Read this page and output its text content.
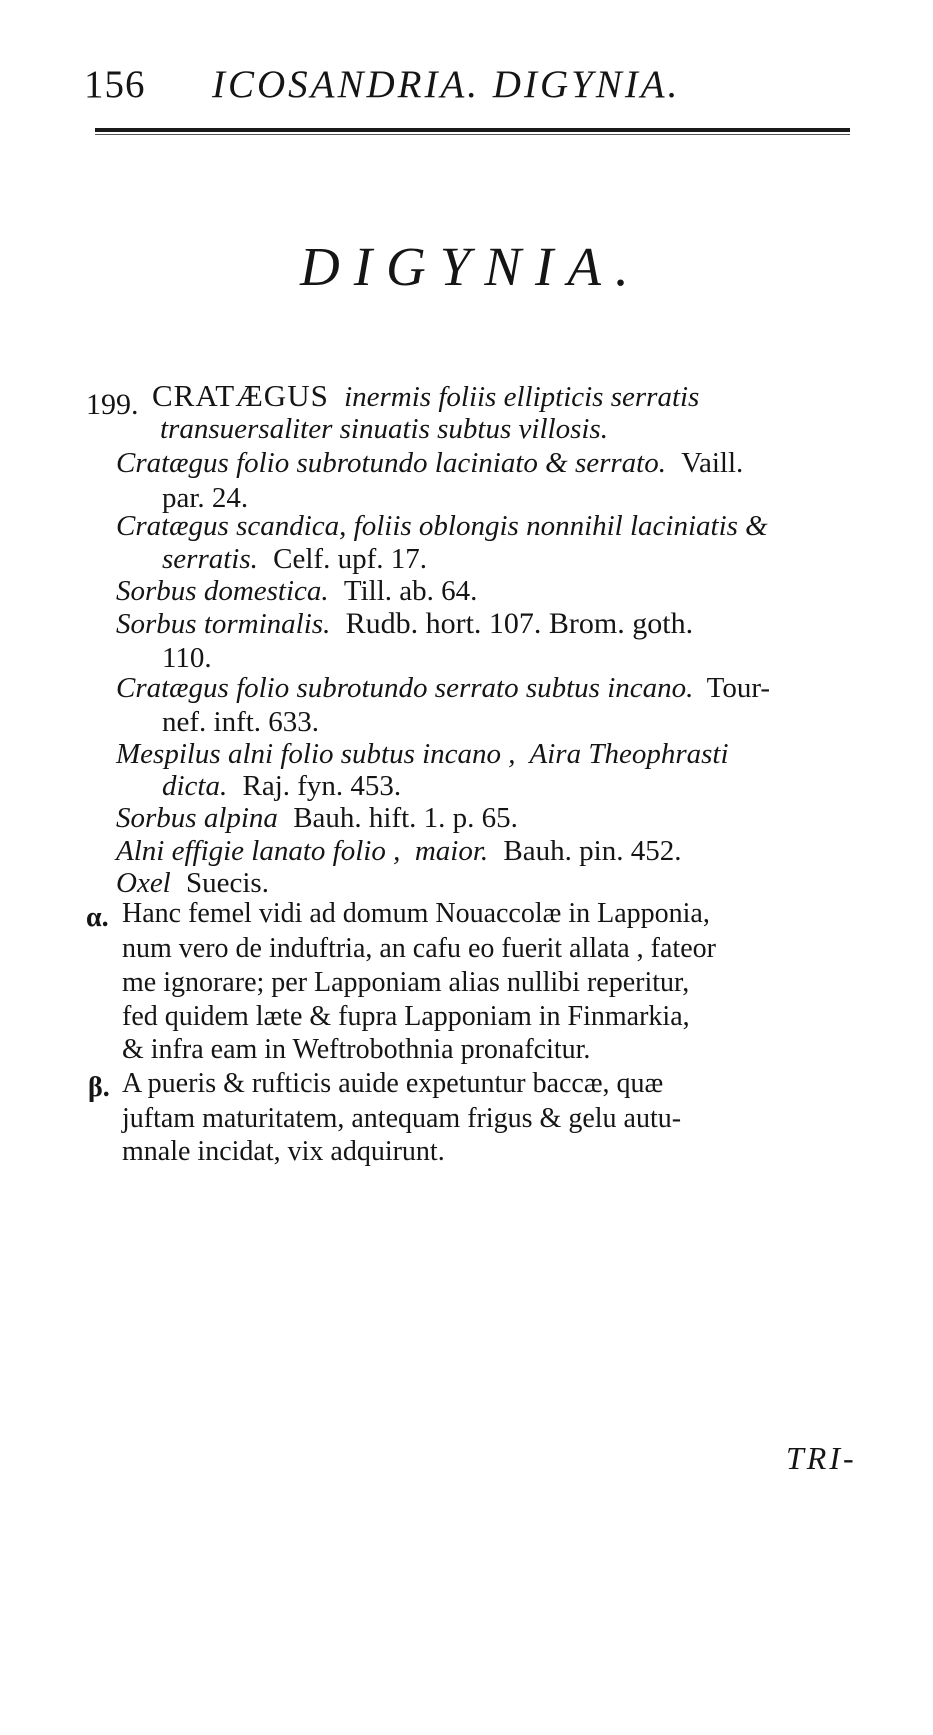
156 ICOSANDRIA. DIGYNIA.
DIGYNIA.
199. CRATÆGUS inermis foliis ellipticis serratis
transuersaliter sinuatis subtus villosis.
Cratægus folio subrotundo laciniato & serrato. Vaill.
par. 24.
Cratægus scandica, foliis oblongis nonnihil laciniatis &
serratis. Celf. upf. 17.
Sorbus domestica. Till. ab. 64.
Sorbus torminalis. Rudb. hort. 107. Brom. goth.
110.
Cratægus folio subrotundo serrato subtus incano. Tour-
nef. inft. 633.
Mespilus alni folio subtus incano ,  Aira Theophrasti
dicta. Raj. fyn. 453.
Sorbus alpina Bauh. hift. 1. p. 65.
Alni effigie lanato folio ,  maior. Bauh. pin. 452.
Oxel Suecis.
α. Hanc femel vidi ad domum Nouaccolæ in Lapponia,
num vero de induftria, an cafu eo fuerit allata , fateor
me ignorare; per Lapponiam alias nullibi reperitur,
fed quidem læte & fupra Lapponiam in Finmarkia,
& infra eam in Weftrobothnia pronafcitur.
β. A pueris & rufticis auide expetuntur baccæ, quæ
juftam maturitatem, antequam frigus & gelu autu-
mnale incidat, vix adquirunt.
TRI-
